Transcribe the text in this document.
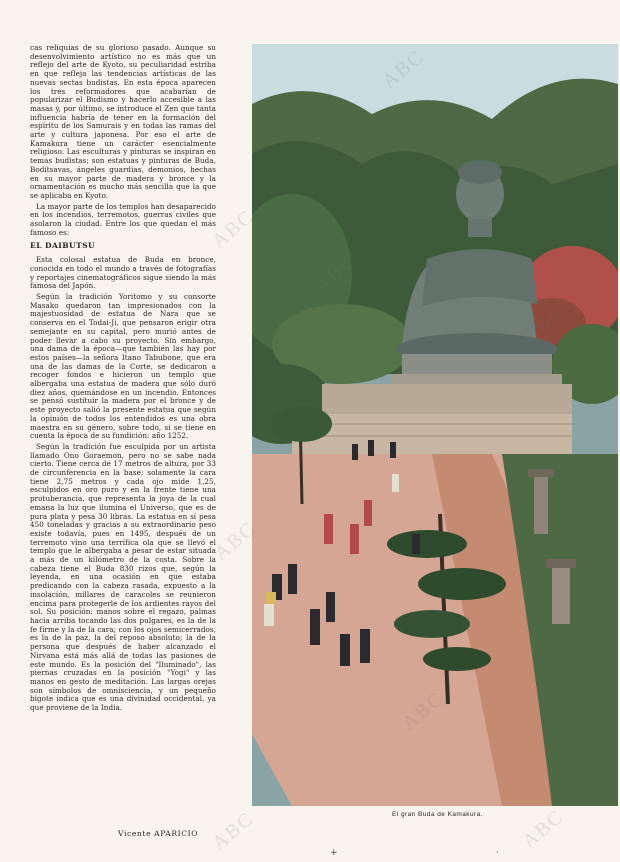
cas reliquias de su glorioso pasado. Aunque su desenvolvimiento artístico no es más que un reflejo del arte de Kyoto, su peculiaridad estriba en que refleja las tendencias artísticas de las nuevas sectas budistas. En esta época aparecen los tres reformadores que acabarían de popularizar el Budismo y hacerlo accesible a las masas y, por último, se introduce el Zen que tanta influencia habría de tener en la formación del espíritu de los Samurais y en todas las ramas del arte y cultura japonesa. Por eso el arte de Kamakura tiene un carácter esencialmente religioso. Las esculturas y pinturas se inspiran en temas budistas; son estatuas y pinturas de Buda, Boditsavas, ángeles guardias, demonios, hechas en su mayor parte de madera y bronce y la ornamentación es mucho más sencilla que la que se aplicaba en Kyoto.

La mayor parte de los templos han desaparecido en los incendios, terremotos, guerras civiles que asolaron la ciudad. Entre los que quedan el más famoso es:

EL DAIBUTSU

Esta colosal estatua de Buda en bronce, conocida en todo el mundo a través de fotografías y reportajes cinematográficos sigue siendo la más famosa del Japón.

Según la tradición Yoritomo y su consorte Masako quedaron tan impresionados con la majestuosidad de estatua de Nara que se conserva en el Todai-Ji, que pensaron erigir otra semejante en su capital, pero murió antes de poder llevar a cabo su proyecto. Sin embargo, una dama de la época—que también las hay por estos países—la señora Itano Tabubone, que era una de las damas de la Corte, se dedicaron a recoger fondos e hicieron un templo que albergaba una estatua de madera que sólo duró diez años, quemándose en un incendio. Entonces se pensó sustituir la madera por el bronce y de este proyecto salió la presente estatua que según la opinión de todos los entendidos es una obra maestra en su género, sobre todo, si se tiene en cuenta la época de su fundición: año 1252.

Según la tradición fue esculpida por un artista llamado Ono Goraemon, pero no se sabe nada cierto. Tiene cerca de 17 metros de altura, por 33 de circunferencia en la base; solamente la cara tiene 2,75 metros y cada ojo mide 1,25, esculpidos en oro puro y en la frente tiene una protuberancia, que representa la joya de la cual emana la luz que ilumina el Universo, que es de pura plata y pesa 30 libras. La estatua en sí pesa 450 toneladas y gracias a su extraordinario peso existe todavía, pues en 1495, después de un terremoto vino una terrífica ola que se llevó el templo que le albergaba a pesar de estar situada a más de un kilómetro de la costa. Sobre la cabeza tiene el Buda 830 rizos que, según la leyenda, en una ocasión en que estaba predicando con la cabeza rasada, expuesto a la insolación, millares de caracoles se reunieron encima para protegerle de los ardientes rayos del sol. Su posición: manos sobre el regazo, palmas hacia arriba tocando las dos pulgares, es la de la fe firme y la de la cara; con los ojos semicerrados, es la de la paz, la del reposo absoluto; la de la persona que después de haber alcanzado el Nirvana está más allá de todas las pasiones de este mundo. Es la posición del "Iluminado", las piernas cruzadas en la posición "Yogi" y las manos en gesto de meditación. Las largas orejas son símbolos de omnisciencia, y un pequeño bigote indica que es una divinidad occidental, ya que proviene de la India.

Vicente APARICIO
El gran Buda de Kamakura.
ABC
ABC
ABC	ABC
+	·
